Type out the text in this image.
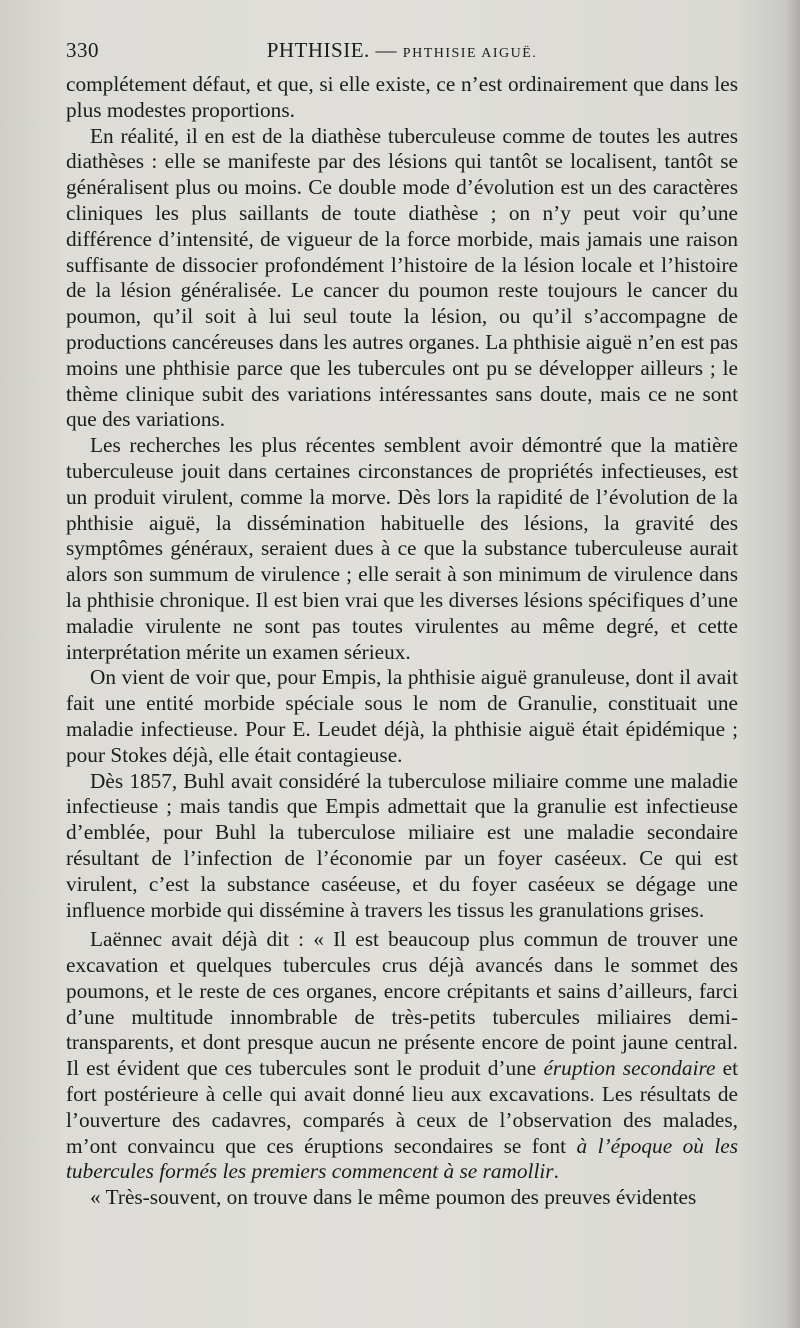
330	PHTHISIE. — PHTHISIE AIGUË.

complétement défaut, et que, si elle existe, ce n’est ordinairement que dans les plus modestes proportions.

En réalité, il en est de la diathèse tuberculeuse comme de toutes les autres diathèses : elle se manifeste par des lésions qui tantôt se localisent, tantôt se généralisent plus ou moins. Ce double mode d’évolution est un des caractères cliniques les plus saillants de toute diathèse ; on n’y peut voir qu’une différence d’intensité, de vigueur de la force morbide, mais jamais une raison suffisante de dissocier profondément l’histoire de la lésion locale et l’histoire de la lésion généralisée. Le cancer du poumon reste toujours le cancer du poumon, qu’il soit à lui seul toute la lésion, ou qu’il s’accompagne de productions cancéreuses dans les autres organes. La phthisie aiguë n’en est pas moins une phthisie parce que les tubercules ont pu se développer ailleurs ; le thème clinique subit des variations intéressantes sans doute, mais ce ne sont que des variations.

Les recherches les plus récentes semblent avoir démontré que la matière tuberculeuse jouit dans certaines circonstances de propriétés infectieuses, est un produit virulent, comme la morve. Dès lors la rapidité de l’évolution de la phthisie aiguë, la dissémination habituelle des lésions, la gravité des symptômes généraux, seraient dues à ce que la substance tuberculeuse aurait alors son summum de virulence ; elle serait à son minimum de virulence dans la phthisie chronique. Il est bien vrai que les diverses lésions spécifiques d’une maladie virulente ne sont pas toutes virulentes au même degré, et cette interprétation mérite un examen sérieux.

On vient de voir que, pour Empis, la phthisie aiguë granuleuse, dont il avait fait une entité morbide spéciale sous le nom de Granulie, constituait une maladie infectieuse. Pour E. Leudet déjà, la phthisie aiguë était épidémique ; pour Stokes déjà, elle était contagieuse.

Dès 1857, Buhl avait considéré la tuberculose miliaire comme une maladie infectieuse ; mais tandis que Empis admettait que la granulie est infectieuse d’emblée, pour Buhl la tuberculose miliaire est une maladie secondaire résultant de l’infection de l’économie par un foyer caséeux. Ce qui est virulent, c’est la substance caséeuse, et du foyer caséeux se dégage une influence morbide qui dissémine à travers les tissus les granulations grises.

Laënnec avait déjà dit : « Il est beaucoup plus commun de trouver une excavation et quelques tubercules crus déjà avancés dans le sommet des poumons, et le reste de ces organes, encore crépitants et sains d’ailleurs, farci d’une multitude innombrable de très-petits tubercules miliaires demi-transparents, et dont presque aucun ne présente encore de point jaune central. Il est évident que ces tubercules sont le produit d’une éruption secondaire et fort postérieure à celle qui avait donné lieu aux excavations. Les résultats de l’ouverture des cadavres, comparés à ceux de l’observation des malades, m’ont convaincu que ces éruptions secondaires se font à l’époque où les tubercules formés les premiers commencent à se ramollir.

« Très-souvent, on trouve dans le même poumon des preuves évidentes
